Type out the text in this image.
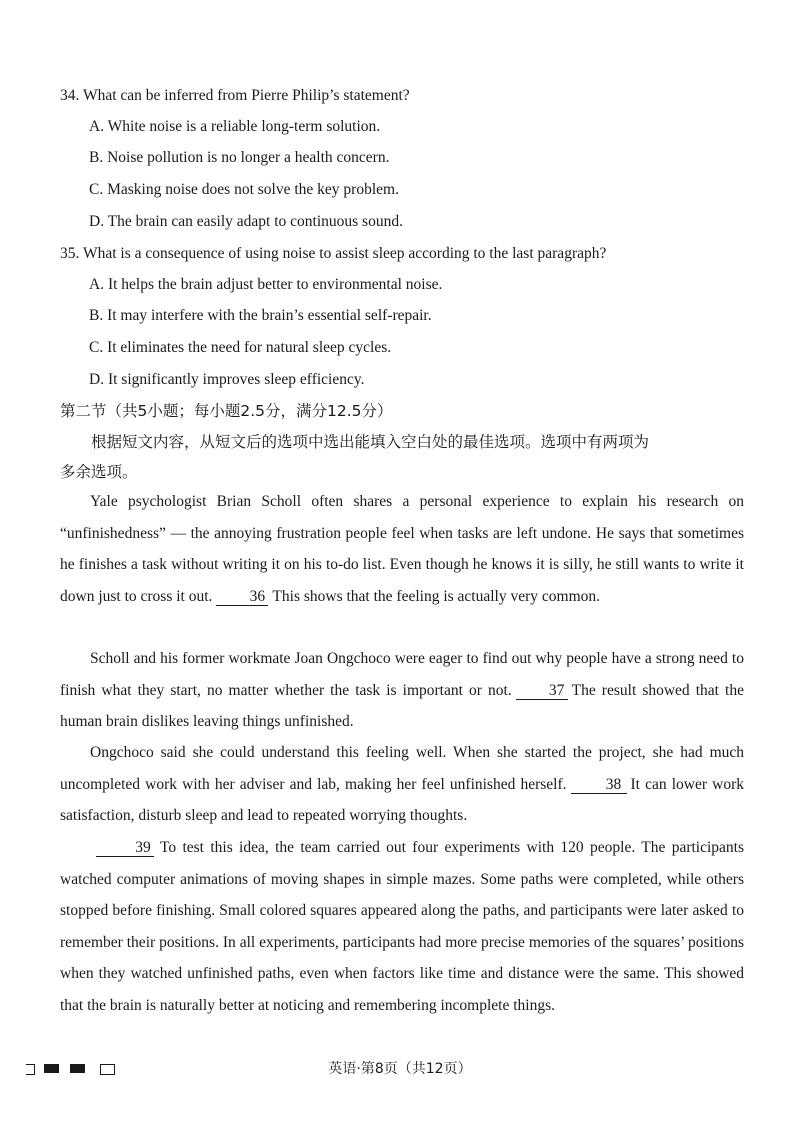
34. What can be inferred from Pierre Philip’s statement?
A. White noise is a reliable long-term solution.
B. Noise pollution is no longer a health concern.
C. Masking noise does not solve the key problem.
D. The brain can easily adapt to continuous sound.
35. What is a consequence of using noise to assist sleep according to the last paragraph?
A. It helps the brain adjust better to environmental noise.
B. It may interfere with the brain’s essential self-repair.
C. It eliminates the need for natural sleep cycles.
D. It significantly improves sleep efficiency.
第二节（共5小题；每小题2.5分，满分12.5分）
根据短文内容，从短文后的选项中选出能填入空白处的最佳选项。选项中有两项为
多余选项。
Yale psychologist Brian Scholl often shares a personal experience to explain his research on “unfinishedness” — the annoying frustration people feel when tasks are left undone. He says that sometimes he finishes a task without writing it on his to-do list. Even though he knows it is silly, he still wants to write it down just to cross it out. 36 This shows that the feeling is actually very common.
Scholl and his former workmate Joan Ongchoco were eager to find out why people have a strong need to finish what they start, no matter whether the task is important or not. 37 The result showed that the human brain dislikes leaving things unfinished.
Ongchoco said she could understand this feeling well. When she started the project, she had much uncompleted work with her adviser and lab, making her feel unfinished herself.	38 It can lower work satisfaction, disturb sleep and lead to repeated worrying thoughts.
39 To test this idea, the team carried out four experiments with 120 people. The participants watched computer animations of moving shapes in simple mazes. Some paths were completed, while others stopped before finishing. Small colored squares appeared along the paths, and participants were later asked to remember their positions. In all experiments, participants had more precise memories of the squares’ positions when they watched unfinished paths, even when factors like time and distance were the same. This showed that the brain is naturally better at noticing and remembering incomplete things.
英语·第8页（共12页）
